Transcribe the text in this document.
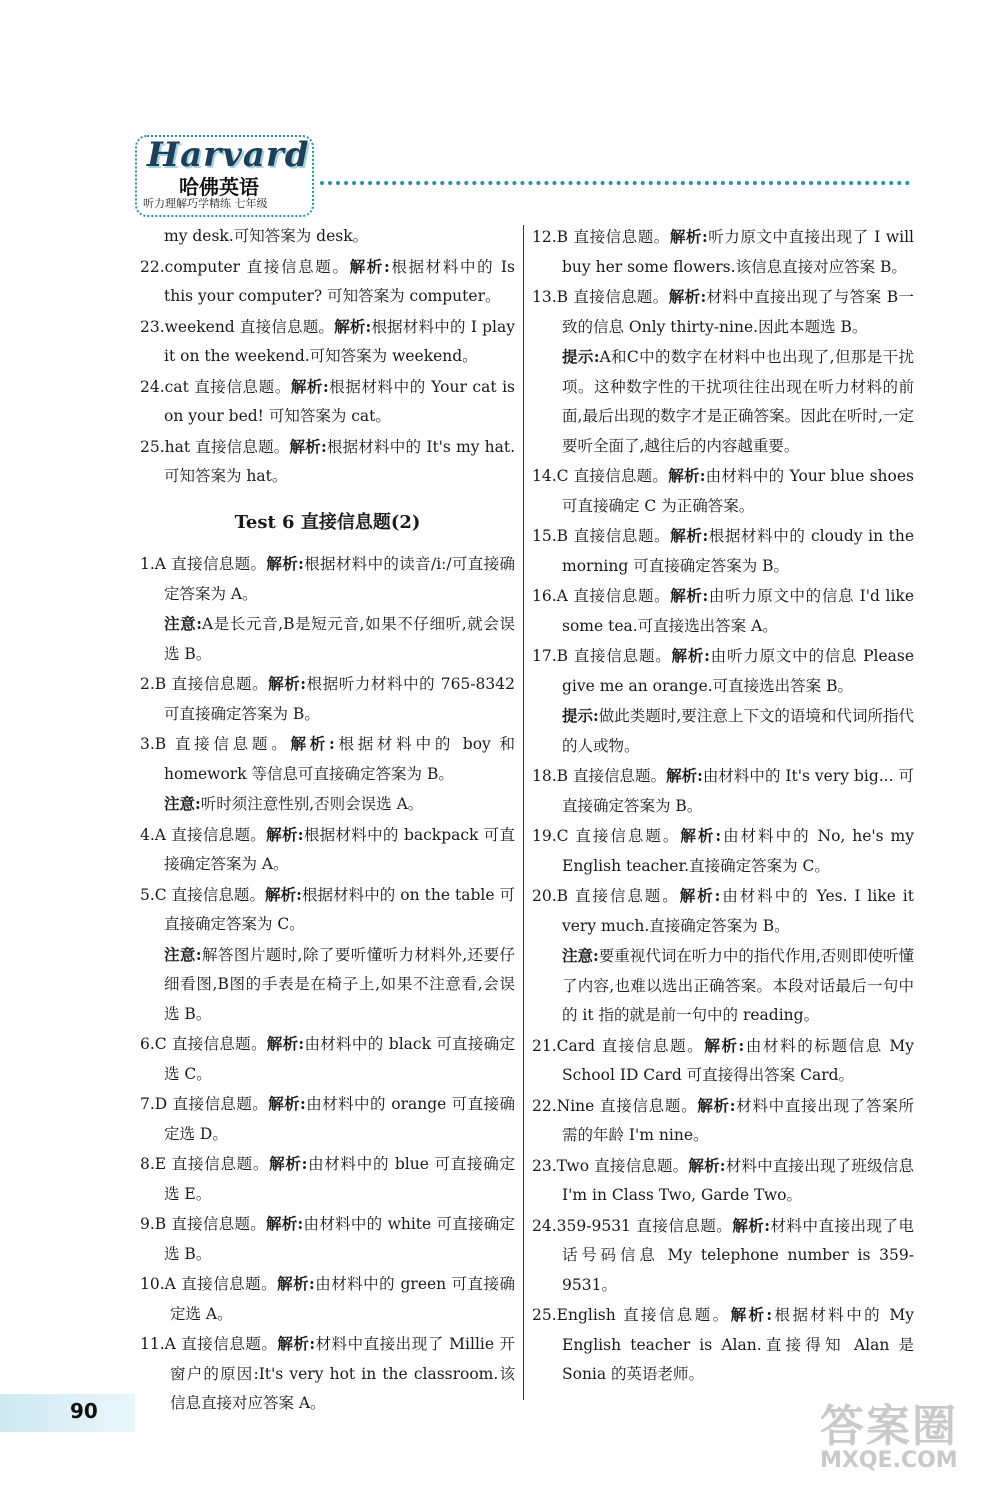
Harvard
哈佛英语
听力理解巧学精练 七年级
my desk.可知答案为 desk。
22.computer 直接信息题。解析:根据材料中的 Is this your computer? 可知答案为 computer。
23.weekend 直接信息题。解析:根据材料中的 I play it on the weekend.可知答案为 weekend。
24.cat 直接信息题。解析:根据材料中的 Your cat is on your bed! 可知答案为 cat。
25.hat 直接信息题。解析:根据材料中的 It's my hat.可知答案为 hat。
Test 6 直接信息题(2)
1.A 直接信息题。解析:根据材料中的读音/iː/可直接确定答案为 A。
注意:A是长元音,B是短元音,如果不仔细听,就会误选 B。
2.B 直接信息题。解析:根据听力材料中的 765-8342可直接确定答案为 B。
3.B 直接信息题。解析:根据材料中的 boy 和 homework 等信息可直接确定答案为 B。
注意:听时须注意性别,否则会误选 A。
4.A 直接信息题。解析:根据材料中的 backpack 可直接确定答案为 A。
5.C 直接信息题。解析:根据材料中的 on the table 可直接确定答案为 C。
注意:解答图片题时,除了要听懂听力材料外,还要仔细看图,B图的手表是在椅子上,如果不注意看,会误选 B。
6.C 直接信息题。解析:由材料中的 black 可直接确定选 C。
7.D 直接信息题。解析:由材料中的 orange 可直接确定选 D。
8.E 直接信息题。解析:由材料中的 blue 可直接确定选 E。
9.B 直接信息题。解析:由材料中的 white 可直接确定选 B。
10.A 直接信息题。解析:由材料中的 green 可直接确定选 A。
11.A 直接信息题。解析:材料中直接出现了 Millie 开窗户的原因:It's very hot in the classroom.该信息直接对应答案 A。
12.B 直接信息题。解析:听力原文中直接出现了 I will buy her some flowers.该信息直接对应答案 B。
13.B 直接信息题。解析:材料中直接出现了与答案 B一致的信息 Only thirty-nine.因此本题选 B。
提示:A和C中的数字在材料中也出现了,但那是干扰项。这种数字性的干扰项往往出现在听力材料的前面,最后出现的数字才是正确答案。因此在听时,一定要听全面了,越往后的内容越重要。
14.C 直接信息题。解析:由材料中的 Your blue shoes 可直接确定 C 为正确答案。
15.B 直接信息题。解析:根据材料中的 cloudy in the morning 可直接确定答案为 B。
16.A 直接信息题。解析:由听力原文中的信息 I'd like some tea.可直接选出答案 A。
17.B 直接信息题。解析:由听力原文中的信息 Please give me an orange.可直接选出答案 B。
提示:做此类题时,要注意上下文的语境和代词所指代的人或物。
18.B 直接信息题。解析:由材料中的 It's very big... 可直接确定答案为 B。
19.C 直接信息题。解析:由材料中的 No, he's my English teacher.直接确定答案为 C。
20.B 直接信息题。解析:由材料中的 Yes. I like it very much.直接确定答案为 B。
注意:要重视代词在听力中的指代作用,否则即使听懂了内容,也难以选出正确答案。本段对话最后一句中的 it 指的就是前一句中的 reading。
21.Card 直接信息题。解析:由材料的标题信息 My School ID Card 可直接得出答案 Card。
22.Nine 直接信息题。解析:材料中直接出现了答案所需的年龄 I'm nine。
23.Two 直接信息题。解析:材料中直接出现了班级信息 I'm in Class Two, Garde Two。
24.359-9531 直接信息题。解析:材料中直接出现了电话号码信息 My telephone number is 359-9531。
25.English 直接信息题。解析:根据材料中的 My English teacher is Alan.直接得知 Alan 是 Sonia 的英语老师。
90	答案圈
MXQE.COM
